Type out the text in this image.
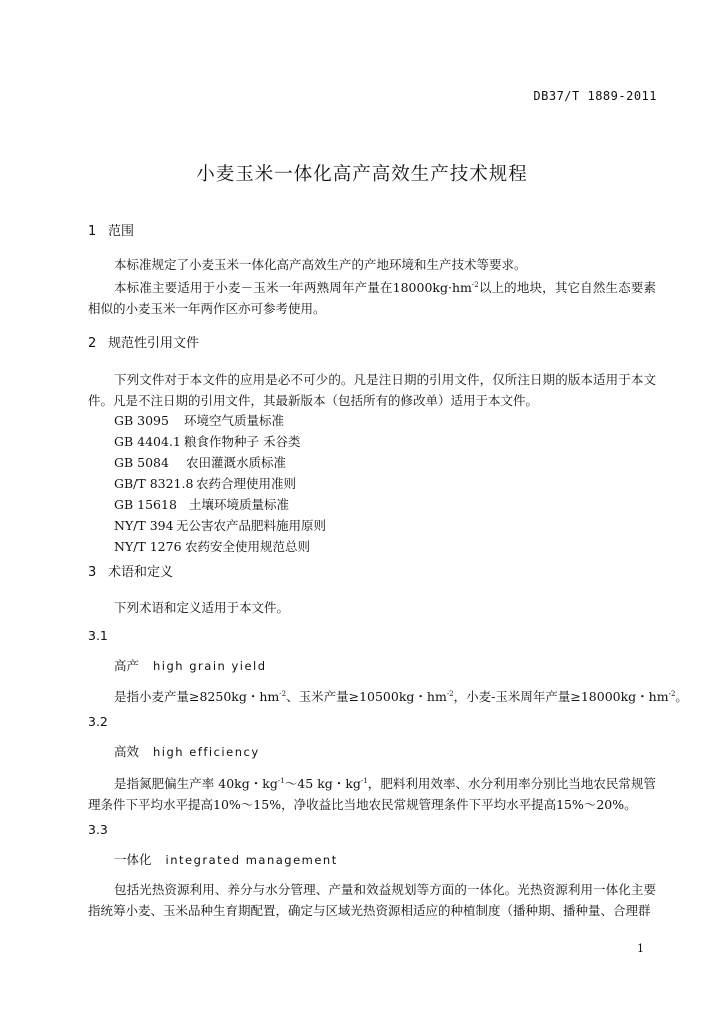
DB37/T 1889-2011
小麦玉米一体化高产高效生产技术规程
1 范围
本标准规定了小麦玉米一体化高产高效生产的产地环境和生产技术等要求。
本标准主要适用于小麦－玉米一年两熟周年产量在$18000kg\cdot hm^{-2}$以上的地块，其它自然生态要素相似的小麦玉米一年两作区亦可参考使用。
2 规范性引用文件
下列文件对于本文件的应用是必不可少的。凡是注日期的引用文件，仅所注日期的版本适用于本文件。凡是不注日期的引用文件，其最新版本（包括所有的修改单）适用于本文件。
GB 3095 环境空气质量标准
GB 4404.1 粮食作物种子 禾谷类
GB 5084 农田灌溉水质标准
GB/T 8321.8 农药合理使用准则
GB 15618 土壤环境质量标准
NY/T 394 无公害农产品肥料施用原则
NY/T 1276 农药安全使用规范总则
3 术语和定义
下列术语和定义适用于本文件。
3.1
高产 high grain yield
是指小麦产量≥8250kg・$hm^{-2}$、玉米产量≥10500kg・$hm^{-2}$，小麦-玉米周年产量≥18000kg・$hm^{-2}$。
3.2
高效 high efficiency
是指氮肥偏生产率 40kg・$kg^{-1}\sim 45$ kg・$kg^{-1}$，肥料利用效率、水分利用率分别比当地农民常规管理条件下平均水平提高10%～15%，净收益比当地农民常规管理条件下平均水平提高15%～20%。
3.3
一体化 integrated management
包括光热资源利用、养分与水分管理、产量和效益规划等方面的一体化。光热资源利用一体化主要指统筹小麦、玉米品种生育期配置，确定与区域光热资源相适应的种植制度（播种期、播种量、合理群
1
